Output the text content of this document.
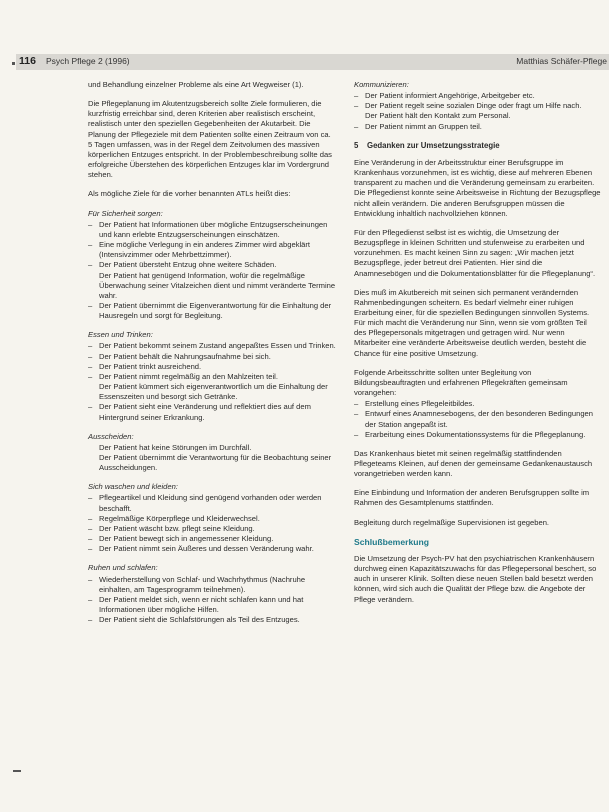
116 Psych Pflege 2 (1996)	Matthias Schäfer-Pflege

und Behandlung einzelner Probleme als eine Art Wegweiser (1).

Die Pflegeplanung im Akutentzugsbereich sollte Ziele formulieren, die kurzfristig erreichbar sind, deren Kriterien aber realistisch erscheint, realistisch unter den speziellen Gegebenheiten der Akutarbeit. Die Planung der Pflegeziele mit dem Patienten sollte einen Zeitraum von ca. 5 Tagen umfassen, was in der Regel dem Zeitvolumen des massiven körperlichen Entzuges entspricht. In der Problembeschreibung sollte das erfolgreiche Überstehen des körperlichen Entzuges klar im Vordergrund stehen.

Als mögliche Ziele für die vorher benannten ATLs heißt dies:

Für Sicherheit sorgen:
– Der Patient hat Informationen über mögliche Entzugserscheinungen und kann erlebte Entzugserscheinungen einschätzen.
– Eine mögliche Verlegung in ein anderes Zimmer wird abgeklärt (Intensivzimmer oder Mehrbettzimmer).
– Der Patient übersteht Entzug ohne weitere Schäden.
Der Patient hat genügend Information, wofür die regelmäßige Überwachung seiner Vitalzeichen dient und nimmt veränderte Termine wahr.
– Der Patient übernimmt die Eigenverantwortung für die Einhaltung der Hausregeln und sorgt für Begleitung.
Essen und Trinken:
– Der Patient bekommt seinem Zustand angepaßtes Essen und Trinken.
– Der Patient behält die Nahrungsaufnahme bei sich.
– Der Patient trinkt ausreichend.
– Der Patient nimmt regelmäßig an den Mahlzeiten teil.
Der Patient kümmert sich eigenverantwortlich um die Einhaltung der Essenszeiten und besorgt sich Getränke.
– Der Patient sieht eine Veränderung und reflektiert dies auf dem Hintergrund seiner Erkrankung.
Ausscheiden:
Der Patient hat keine Störungen im Durchfall.
Der Patient übernimmt die Verantwortung für die Beobachtung seiner Ausscheidungen.
Sich waschen und kleiden:
– Pflegeartikel und Kleidung sind genügend vorhanden oder werden beschafft.
– Regelmäßige Körperpflege und Kleiderwechsel.
– Der Patient wäscht bzw. pflegt seine Kleidung.
– Der Patient bewegt sich in angemessener Kleidung.
– Der Patient nimmt sein Äußeres und dessen Veränderung wahr.
Ruhen und schlafen:
– Wiederherstellung von Schlaf- und Wachrhythmus (Nachruhe einhalten, am Tagesprogramm teilnehmen).
– Der Patient meldet sich, wenn er nicht schlafen kann und hat Informationen über mögliche Hilfen.
– Der Patient sieht die Schlafstörungen als Teil des Entzuges.
Kommunizieren:
– Der Patient informiert Angehörige, Arbeitgeber etc.
– Der Patient regelt seine sozialen Dinge oder fragt um Hilfe nach.
Der Patient hält den Kontakt zum Personal.
– Der Patient nimmt an Gruppen teil.
5 Gedanken zur Umsetzungsstrategie

Eine Veränderung in der Arbeitsstruktur einer Berufsgruppe im Krankenhaus vorzunehmen, ist es wichtig, diese auf mehreren Ebenen transparent zu machen und die Veränderung gemeinsam zu erarbeiten. Die Pflegedienst konnte seine Arbeitsweise in Richtung der Bezugspflege nicht allein verändern. Die anderen Berufsgruppen müssen die Entwicklung inhaltlich nachvollziehen können.

Für den Pflegedienst selbst ist es wichtig, die Umsetzung der Bezugspflege in kleinen Schritten und stufenweise zu erarbeiten und vorzunehmen. Es macht keinen Sinn zu sagen: „Wir machen jetzt Bezugspflege, jeder betreut drei Patienten. Hier sind die Anamnesebögen und die Dokumentationsblätter für die Pflegeplanung“.

Dies muß im Akutbereich mit seinen sich permanent verändernden Rahmenbedingungen scheitern. Es bedarf vielmehr einer ruhigen Erarbeitung einer, für die speziellen Bedingungen sinnvollen Systems. Für mich macht die Veränderung nur Sinn, wenn sie vom größten Teil des Pflegepersonals mitgetragen und getragen wird. Nur wenn Mitarbeiter eine veränderte Arbeitsweise deutlich werden, besteht die Chance für eine positive Umsetzung.

Folgende Arbeitsschritte sollten unter Begleitung von Bildungsbeauftragten und erfahrenen Pflegekräften gemeinsam vorangehen:

– Erstellung eines Pflegeleitbildes.
– Entwurf eines Anamnesebogens, der den besonderen Bedingungen der Station angepaßt ist.
– Erarbeitung eines Dokumentationssystems für die Pflegeplanung.

Das Krankenhaus bietet mit seinen regelmäßig stattfindenden Pflegeteams Kleinen, auf denen der gemeinsame Gedankenaustausch vorangetrieben werden kann.

Eine Einbindung und Information der anderen Berufsgruppen sollte im Rahmen des Gesamtplenums stattfinden.

Begleitung durch regelmäßige Supervisionen ist gegeben.

Schlußbemerkung

Die Umsetzung der Psych-PV hat den psychiatrischen Krankenhäusern durchweg einen Kapazitätszuwachs für das Pflegepersonal beschert, so auch in unserer Klinik. Sollten diese neuen Stellen bald besetzt werden können, wird sich auch die Qualität der Pflege bzw. die Angebote der Pflege verändern.
